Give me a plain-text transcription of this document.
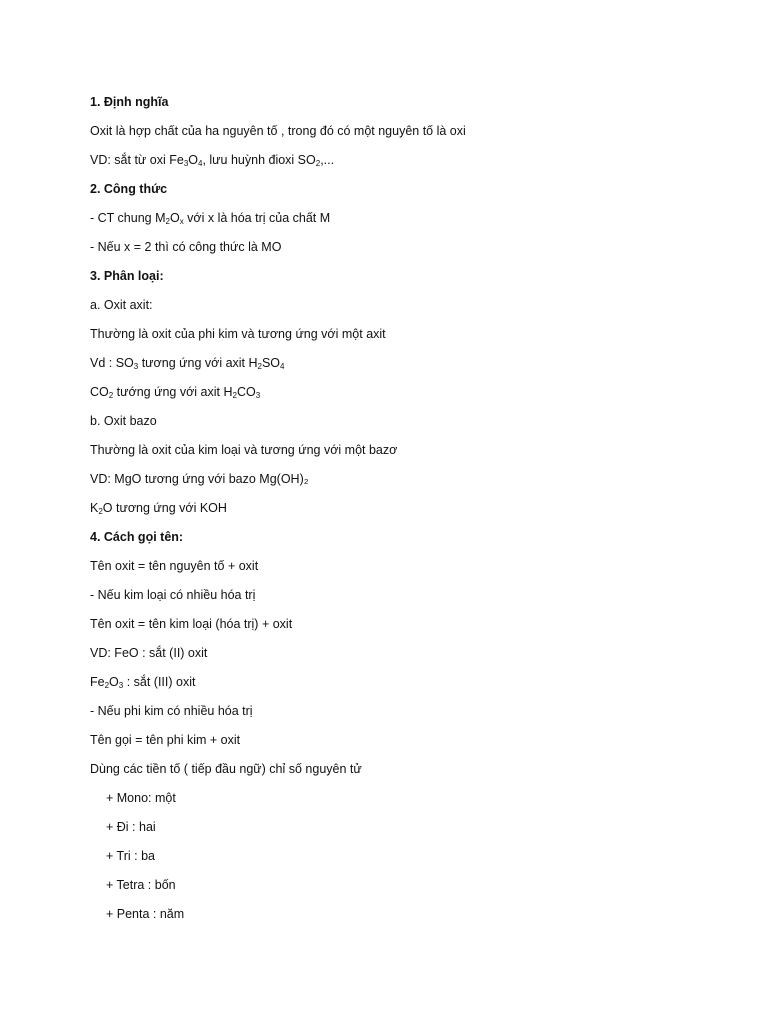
1. Định nghĩa
Oxit là hợp chất của ha nguyên tố , trong đó có một nguyên tố là oxi
VD: sắt từ oxi $Fe_3O_4$, lưu huỳnh đioxi $SO_2$,...
2. Công thức
- CT chung $M_2O_x$ với x là hóa trị của chất M
- Nếu x = 2 thì có công thức là MO
3. Phân loại:
a. Oxit axit:
Thường là oxit của phi kim và tương ứng với một axit
Vd : $SO_3$ tương ứng với axit $H_2SO_4$
$CO_2$ tướng ứng với axit $H_2CO_3$
b. Oxit bazo
Thường là oxit của kim loại và tương ứng với một bazơ
VD: MgO tương ứng với bazo Mg(OH)₂
$K_2O$ tương ứng với KOH
4. Cách gọi tên:
Tên oxit = tên nguyên tố + oxit
- Nếu kim loại có nhiều hóa trị
Tên oxit = tên kim loại (hóa trị) + oxit
VD: FeO : sắt (II) oxit
$Fe_2O_3$ : sắt (III) oxit
- Nếu phi kim có nhiều hóa trị
Tên gọi = tên phi kim + oxit
Dùng các tiền tố ( tiếp đầu ngữ) chỉ số nguyên tử
+ Mono: một
+ Đi : hai
+ Tri : ba
+ Tetra : bốn
+ Penta : năm
